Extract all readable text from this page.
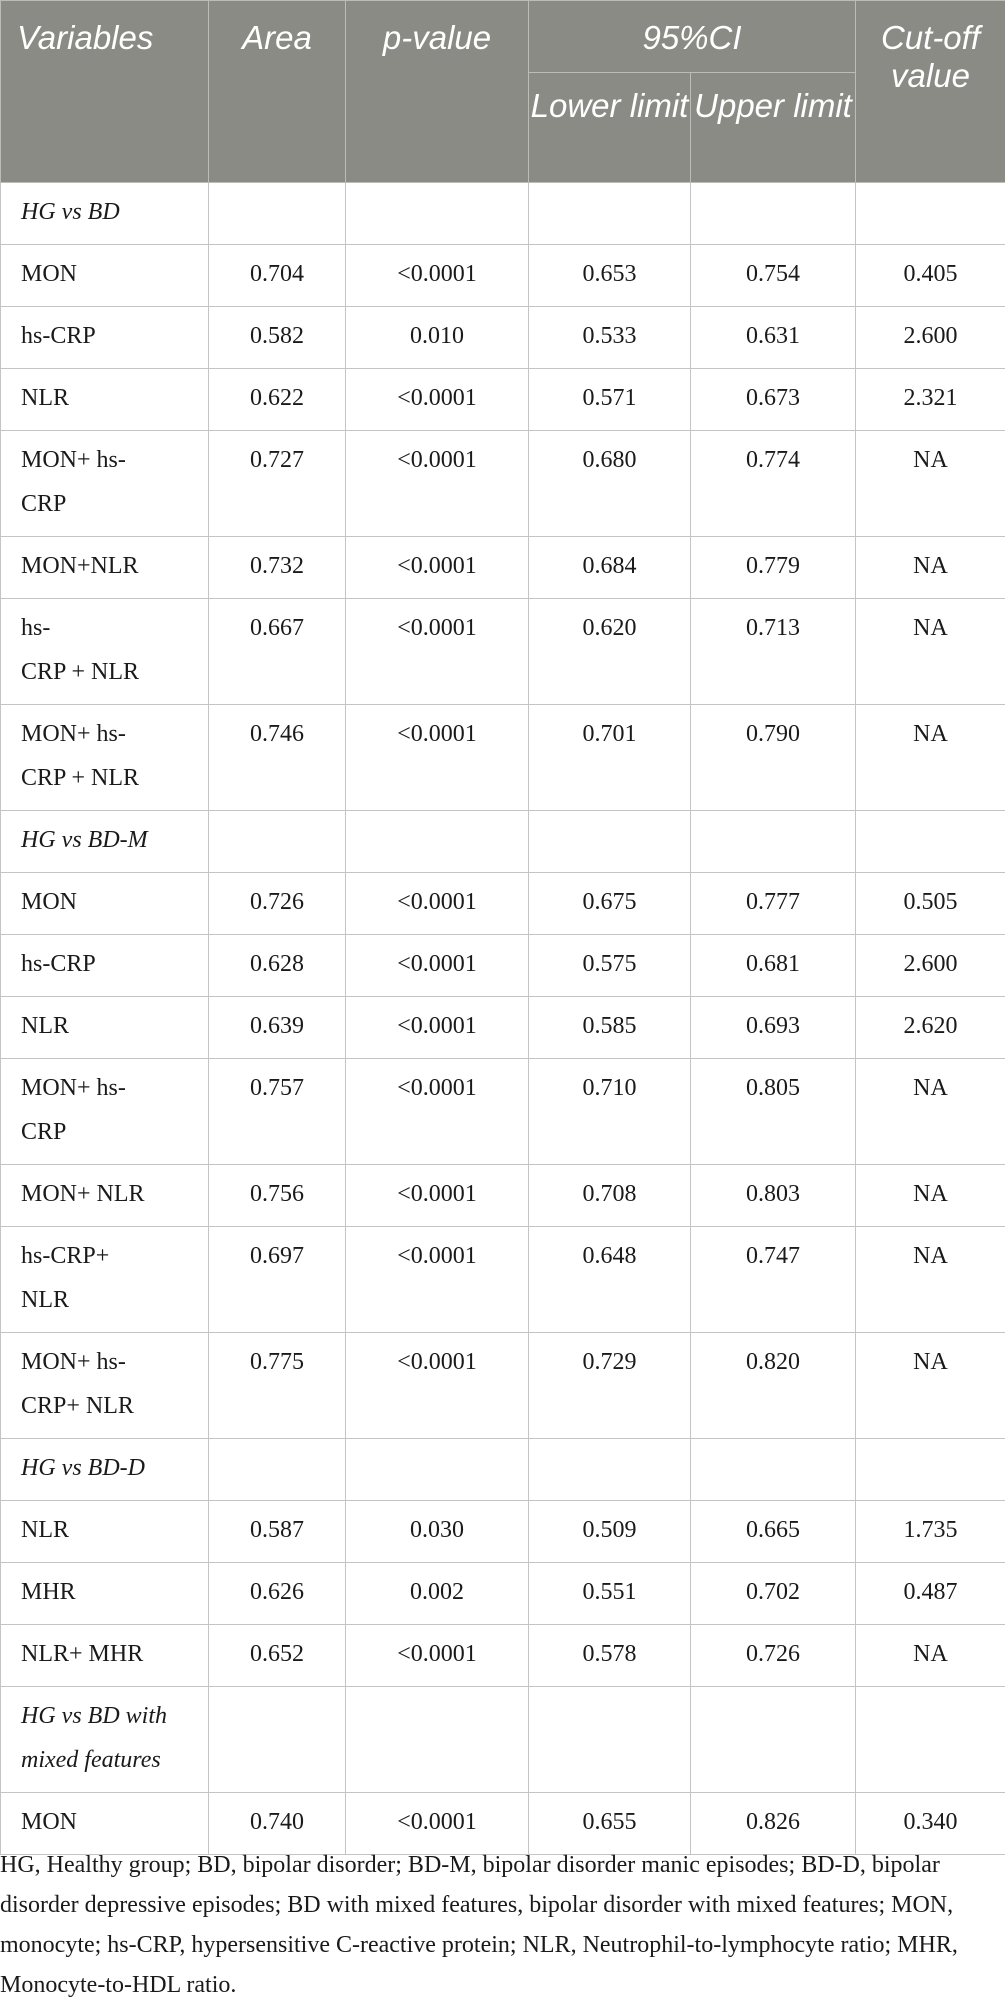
Variables	Area	p-value	95%CI		Cut-off value
			Lower limit	Upper limit	
HG vs BD					

MON	0.704	<0.0001	0.653	0.754	0.405

hs-CRP	0.582	0.010	0.533	0.631	2.600

NLR	0.622	<0.0001	0.571	0.673	2.321

MON+ hs-
CRP	0.727	<0.0001	0.680	0.774	NA

MON+NLR	0.732	<0.0001	0.684	0.779	NA

hs-
CRP + NLR	0.667	<0.0001	0.620	0.713	NA

MON+ hs-
CRP + NLR	0.746	<0.0001	0.701	0.790	NA
HG vs BD-M					

MON	0.726	<0.0001	0.675	0.777	0.505

hs-CRP	0.628	<0.0001	0.575	0.681	2.600

NLR	0.639	<0.0001	0.585	0.693	2.620

MON+ hs-
CRP	0.757	<0.0001	0.710	0.805	NA

MON+ NLR	0.756	<0.0001	0.708	0.803	NA

hs-CRP+
NLR	0.697	<0.0001	0.648	0.747	NA

MON+ hs-
CRP+ NLR	0.775	<0.0001	0.729	0.820	NA
HG vs BD-D					

NLR	0.587	0.030	0.509	0.665	1.735

MHR	0.626	0.002	0.551	0.702	0.487

NLR+ MHR	0.652	<0.0001	0.578	0.726	NA
HG vs BD with mixed features					

MON	0.740	<0.0001	0.655	0.826	0.340
HG, Healthy group; BD, bipolar disorder; BD-M, bipolar disorder manic episodes; BD-D, bipolar disorder depressive episodes; BD with mixed features, bipolar disorder with mixed features; MON, monocyte; hs-CRP, hypersensitive C-reactive protein; NLR, Neutrophil-to-lymphocyte ratio; MHR, Monocyte-to-HDL ratio.
